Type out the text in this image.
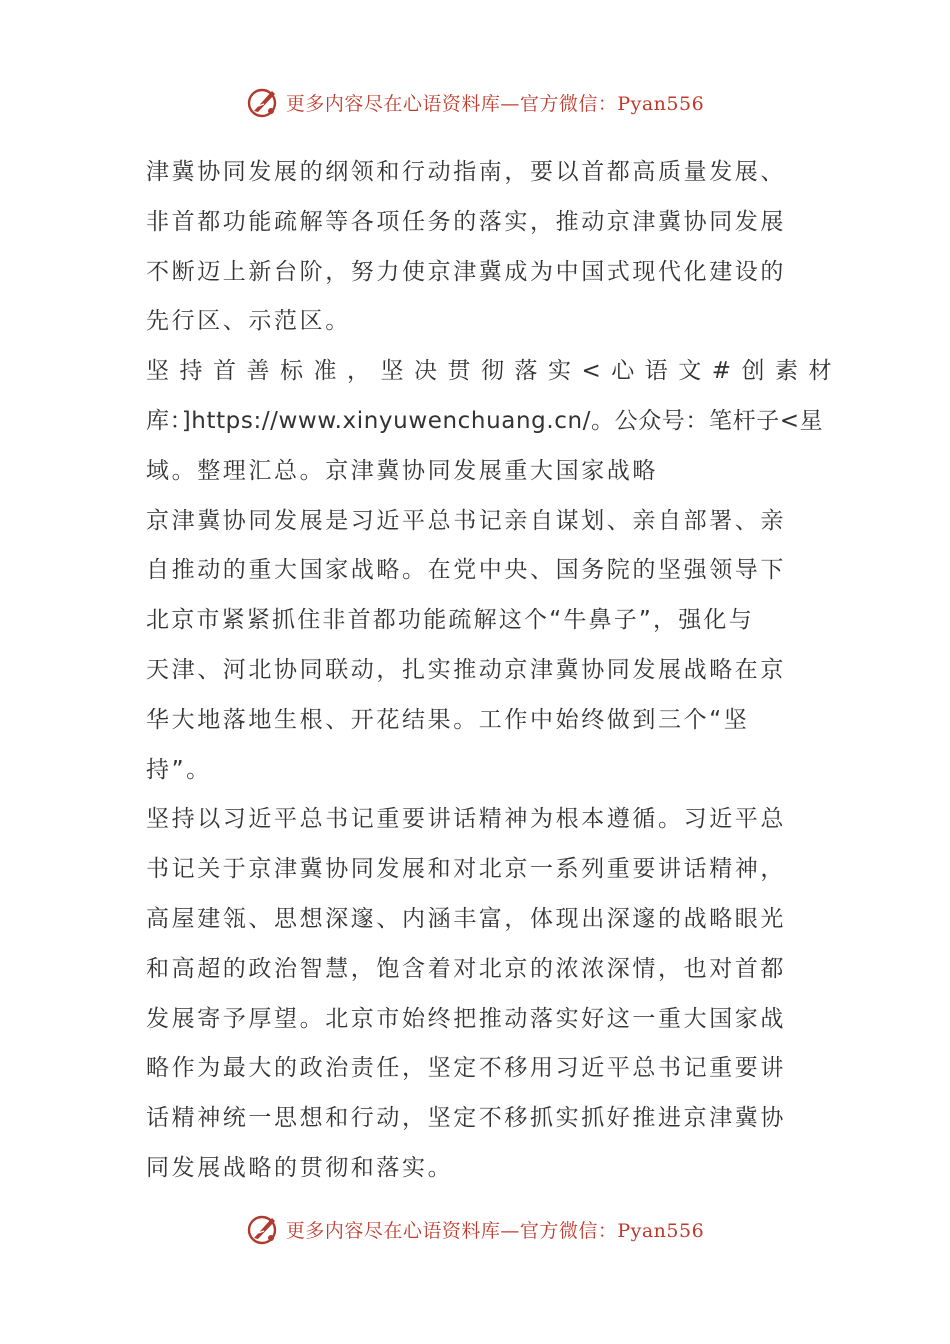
更多内容尽在心语资料库—官方微信：Pyan556
津冀协同发展的纲领和行动指南，要以首都高质量发展、
非首都功能疏解等各项任务的落实，推动京津冀协同发展
不断迈上新台阶，努力使京津冀成为中国式现代化建设的
先行区、示范区。
坚持首善标准，坚决贯彻落实<心语文#创素材
库：]https://www.xinyuwenchuang.cn/。公众号：笔杆子<星
域。整理汇总。京津冀协同发展重大国家战略
京津冀协同发展是习近平总书记亲自谋划、亲自部署、亲
自推动的重大国家战略。在党中央、国务院的坚强领导下
北京市紧紧抓住非首都功能疏解这个“牛鼻子”，强化与
天津、河北协同联动，扎实推动京津冀协同发展战略在京
华大地落地生根、开花结果。工作中始终做到三个“坚
持”。
坚持以习近平总书记重要讲话精神为根本遵循。习近平总
书记关于京津冀协同发展和对北京一系列重要讲话精神，
高屋建瓴、思想深邃、内涵丰富，体现出深邃的战略眼光
和高超的政治智慧，饱含着对北京的浓浓深情，也对首都
发展寄予厚望。北京市始终把推动落实好这一重大国家战
略作为最大的政治责任，坚定不移用习近平总书记重要讲
话精神统一思想和行动，坚定不移抓实抓好推进京津冀协
同发展战略的贯彻和落实。
更多内容尽在心语资料库—官方微信：Pyan556
